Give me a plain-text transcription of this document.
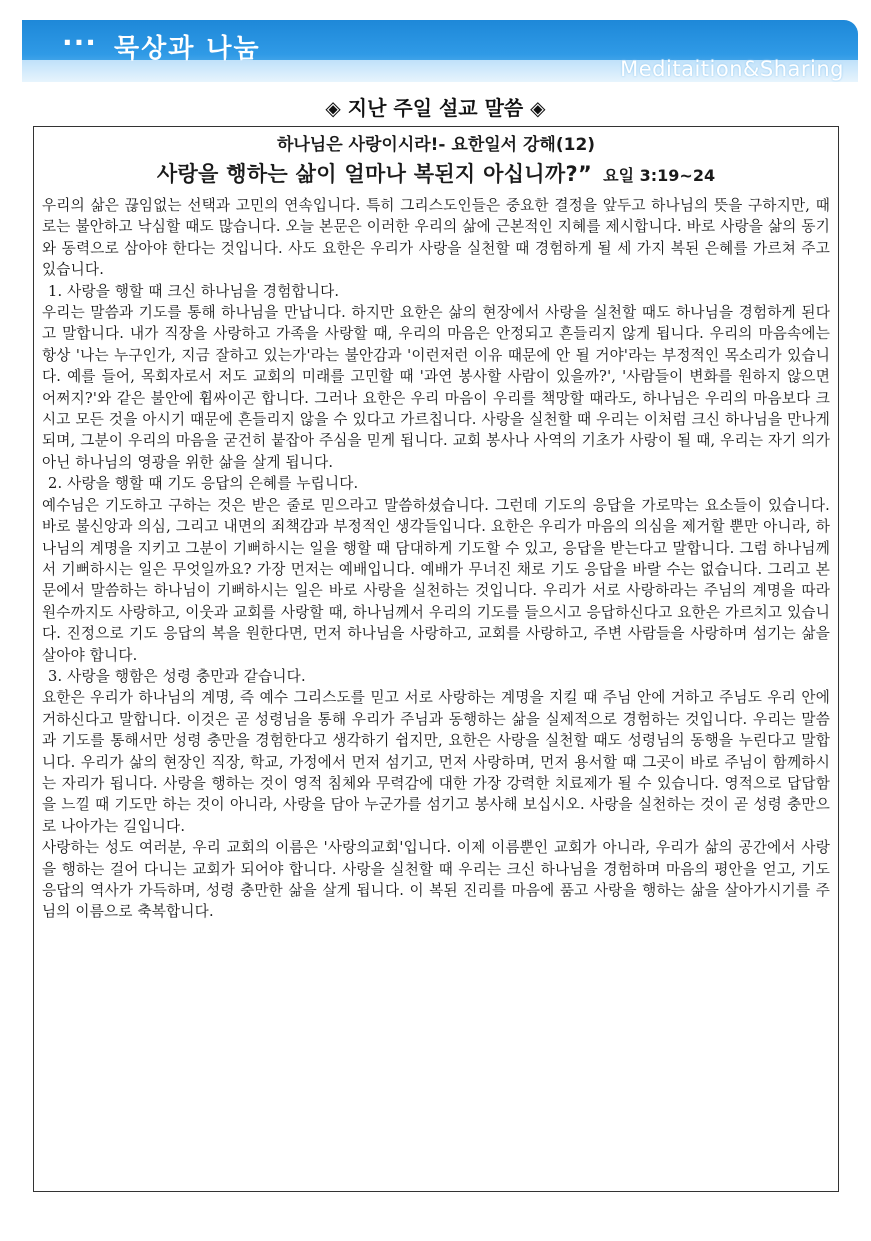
··· 묵상과 나눔
Meditaition&Sharing
◈ 지난 주일 설교 말씀 ◈

하나님은 사랑이시라!- 요한일서 강해(12)

사랑을 행하는 삶이 얼마나 복된지 아십니까?” 요일 3:19~24

우리의 삶은 끊임없는 선택과 고민의 연속입니다. 특히 그리스도인들은 중요한 결정을 앞두고 하나님의 뜻을 구하지만, 때로는 불안하고 낙심할 때도 많습니다. 오늘 본문은 이러한 우리의 삶에 근본적인 지혜를 제시합니다. 바로 사랑을 삶의 동기와 동력으로 삼아야 한다는 것입니다. 사도 요한은 우리가 사랑을 실천할 때 경험하게 될 세 가지 복된 은혜를 가르쳐 주고 있습니다.

1. 사랑을 행할 때 크신 하나님을 경험합니다.

우리는 말씀과 기도를 통해 하나님을 만납니다. 하지만 요한은 삶의 현장에서 사랑을 실천할 때도 하나님을 경험하게 된다고 말합니다. 내가 직장을 사랑하고 가족을 사랑할 때, 우리의 마음은 안정되고 흔들리지 않게 됩니다. 우리의 마음속에는 항상 '나는 누구인가, 지금 잘하고 있는가'라는 불안감과 '이런저런 이유 때문에 안 될 거야'라는 부정적인 목소리가 있습니다. 예를 들어, 목회자로서 저도 교회의 미래를 고민할 때 '과연 봉사할 사람이 있을까?', '사람들이 변화를 원하지 않으면 어쩌지?'와 같은 불안에 휩싸이곤 합니다. 그러나 요한은 우리 마음이 우리를 책망할 때라도, 하나님은 우리의 마음보다 크시고 모든 것을 아시기 때문에 흔들리지 않을 수 있다고 가르칩니다. 사랑을 실천할 때 우리는 이처럼 크신 하나님을 만나게 되며, 그분이 우리의 마음을 굳건히 붙잡아 주심을 믿게 됩니다. 교회 봉사나 사역의 기초가 사랑이 될 때, 우리는 자기 의가 아닌 하나님의 영광을 위한 삶을 살게 됩니다.

2. 사랑을 행할 때 기도 응답의 은혜를 누립니다.

예수님은 기도하고 구하는 것은 받은 줄로 믿으라고 말씀하셨습니다. 그런데 기도의 응답을 가로막는 요소들이 있습니다. 바로 불신앙과 의심, 그리고 내면의 죄책감과 부정적인 생각들입니다. 요한은 우리가 마음의 의심을 제거할 뿐만 아니라, 하나님의 계명을 지키고 그분이 기뻐하시는 일을 행할 때 담대하게 기도할 수 있고, 응답을 받는다고 말합니다. 그럼 하나님께서 기뻐하시는 일은 무엇일까요? 가장 먼저는 예배입니다. 예배가 무너진 채로 기도 응답을 바랄 수는 없습니다. 그리고 본문에서 말씀하는 하나님이 기뻐하시는 일은 바로 사랑을 실천하는 것입니다. 우리가 서로 사랑하라는 주님의 계명을 따라 원수까지도 사랑하고, 이웃과 교회를 사랑할 때, 하나님께서 우리의 기도를 들으시고 응답하신다고 요한은 가르치고 있습니다. 진정으로 기도 응답의 복을 원한다면, 먼저 하나님을 사랑하고, 교회를 사랑하고, 주변 사람들을 사랑하며 섬기는 삶을 살아야 합니다.

3. 사랑을 행함은 성령 충만과 같습니다.

요한은 우리가 하나님의 계명, 즉 예수 그리스도를 믿고 서로 사랑하는 계명을 지킬 때 주님 안에 거하고 주님도 우리 안에 거하신다고 말합니다. 이것은 곧 성령님을 통해 우리가 주님과 동행하는 삶을 실제적으로 경험하는 것입니다. 우리는 말씀과 기도를 통해서만 성령 충만을 경험한다고 생각하기 쉽지만, 요한은 사랑을 실천할 때도 성령님의 동행을 누린다고 말합니다. 우리가 삶의 현장인 직장, 학교, 가정에서 먼저 섬기고, 먼저 사랑하며, 먼저 용서할 때 그곳이 바로 주님이 함께하시는 자리가 됩니다. 사랑을 행하는 것이 영적 침체와 무력감에 대한 가장 강력한 치료제가 될 수 있습니다. 영적으로 답답함을 느낄 때 기도만 하는 것이 아니라, 사랑을 담아 누군가를 섬기고 봉사해 보십시오. 사랑을 실천하는 것이 곧 성령 충만으로 나아가는 길입니다.

사랑하는 성도 여러분, 우리 교회의 이름은 '사랑의교회'입니다. 이제 이름뿐인 교회가 아니라, 우리가 삶의 공간에서 사랑을 행하는 걸어 다니는 교회가 되어야 합니다. 사랑을 실천할 때 우리는 크신 하나님을 경험하며 마음의 평안을 얻고, 기도 응답의 역사가 가득하며, 성령 충만한 삶을 살게 됩니다. 이 복된 진리를 마음에 품고 사랑을 행하는 삶을 살아가시기를 주님의 이름으로 축복합니다.
